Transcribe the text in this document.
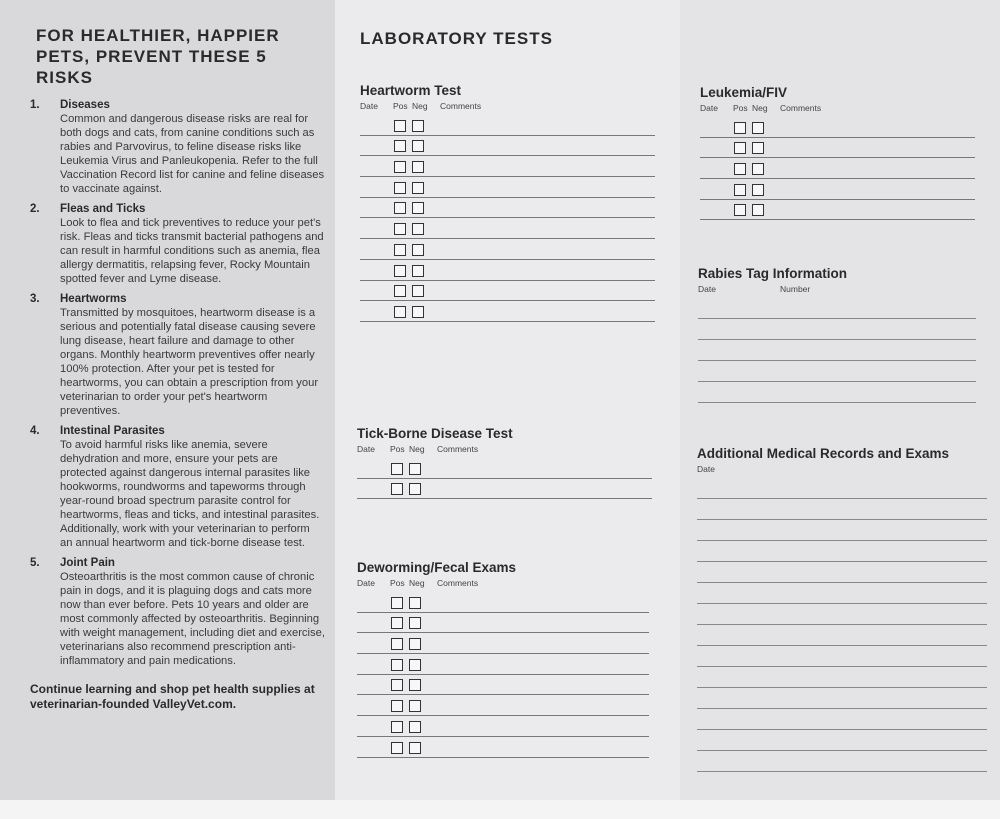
FOR HEALTHIER, HAPPIER PETS, PREVENT THESE 5 RISKS
1. Diseases
Common and dangerous disease risks are real for both dogs and cats, from canine conditions such as rabies and Parvovirus, to feline disease risks like Leukemia Virus and Panleukopenia. Refer to the full Vaccination Record list for canine and feline diseases to vaccinate against.
2. Fleas and Ticks
Look to flea and tick preventives to reduce your pet's risk. Fleas and ticks transmit bacterial pathogens and can result in harmful conditions such as anemia, flea allergy dermatitis, relapsing fever, Rocky Mountain spotted fever and Lyme disease.
3. Heartworms
Transmitted by mosquitoes, heartworm disease is a serious and potentially fatal disease causing severe lung disease, heart failure and damage to other organs. Monthly heartworm preventives offer nearly 100% protection. After your pet is tested for heartworms, you can obtain a prescription from your veterinarian to order your pet's heartworm preventives.
4. Intestinal Parasites
To avoid harmful risks like anemia, severe dehydration and more, ensure your pets are protected against dangerous internal parasites like hookworms, roundworms and tapeworms through year-round broad spectrum parasite control for heartworms, fleas and ticks, and intestinal parasites. Additionally, work with your veterinarian to perform an annual heartworm and tick-borne disease test.
5. Joint Pain
Osteoarthritis is the most common cause of chronic pain in dogs, and it is plaguing dogs and cats more now than ever before. Pets 10 years and older are most commonly affected by osteoarthritis. Beginning with weight management, including diet and exercise, veterinarians also recommend prescription anti-inflammatory and pain medications.
Continue learning and shop pet health supplies at veterinarian-founded ValleyVet.com.
LABORATORY TESTS
Heartworm Test
Date Pos Neg Comments
Tick-Borne Disease Test
Date Pos Neg Comments
Deworming/Fecal Exams
Date Pos Neg Comments
Leukemia/FIV
Date Pos Neg Comments
Rabies Tag Information
Date	Number
Additional Medical Records and Exams
Date
